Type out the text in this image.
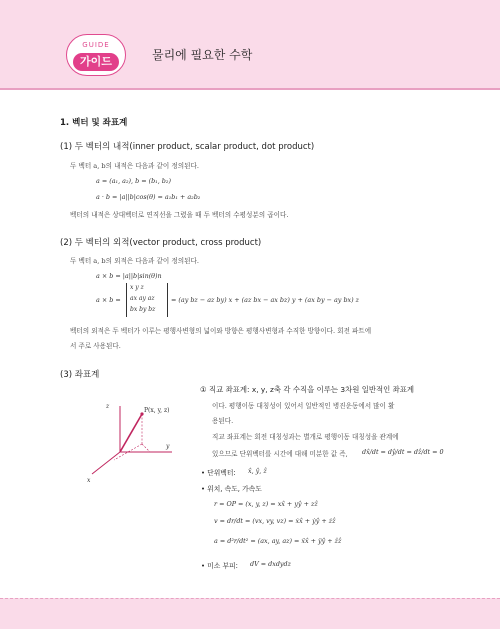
GUIDE
가이드	물리에 필요한 수학
1. 벡터 및 좌표계
(1) 두 벡터의 내적(inner product, scalar product, dot product)
두 벡터 a, b의 내적은 다음과 같이 정의된다.
a = (a₁, a₂), b = (b₁, b₂)
a · b = |a||b|cos(θ) = a₁b₁ + a₂b₂
벡터의 내적은 상대벡터로 연직선을 그렸을 때 두 벡터의 수평성분의 곱이다.
(2) 두 벡터의 외적(vector product, cross product)
두 벡터 a, b의 외적은 다음과 같이 정의된다.
a × b = |a||b|sin(θ)n
a × b =
x y z
ax ay az
bx by bz
= (ay bz − az by) x + (az bx − ax bz) y + (ax by − ay bx) z
벡터의 외적은 두 벡터가 이루는 평행사변형의 넓이와 방향은 평행사변형과 수직한 방향이다. 회전 파트에
서 주로 사용된다.
(3) 좌표계
P(x, y, z)
z
y
x
① 직교 좌표계: x, y, z축 각 수직을 이루는 3차원 일반적인 좌표계
이다. 평행이동 대칭성이 있어서 일반적인 병진운동에서 많이 활
용된다.
직교 좌표계는 회전 대칭성과는 별개로 평행이동 대칭성을 관계에
있으므로 단위벡터를 시간에 대해 미분한 값 즉, dx̂/dt = dŷ/dt = dẑ/dt = 0
• 단위벡터: x̂, ŷ, ẑ
• 위치, 속도, 가속도
r = OP = (x, y, z) = xx̂ + yŷ + zẑ
v = dr/dt = (vx, vy, vz) = ẋx̂ + ẏŷ + żẑ
a = d²r/dt² = (ax, ay, az) = ẍx̂ + ÿŷ + z̈ẑ
• 미소 부피: dV = dxdydz
